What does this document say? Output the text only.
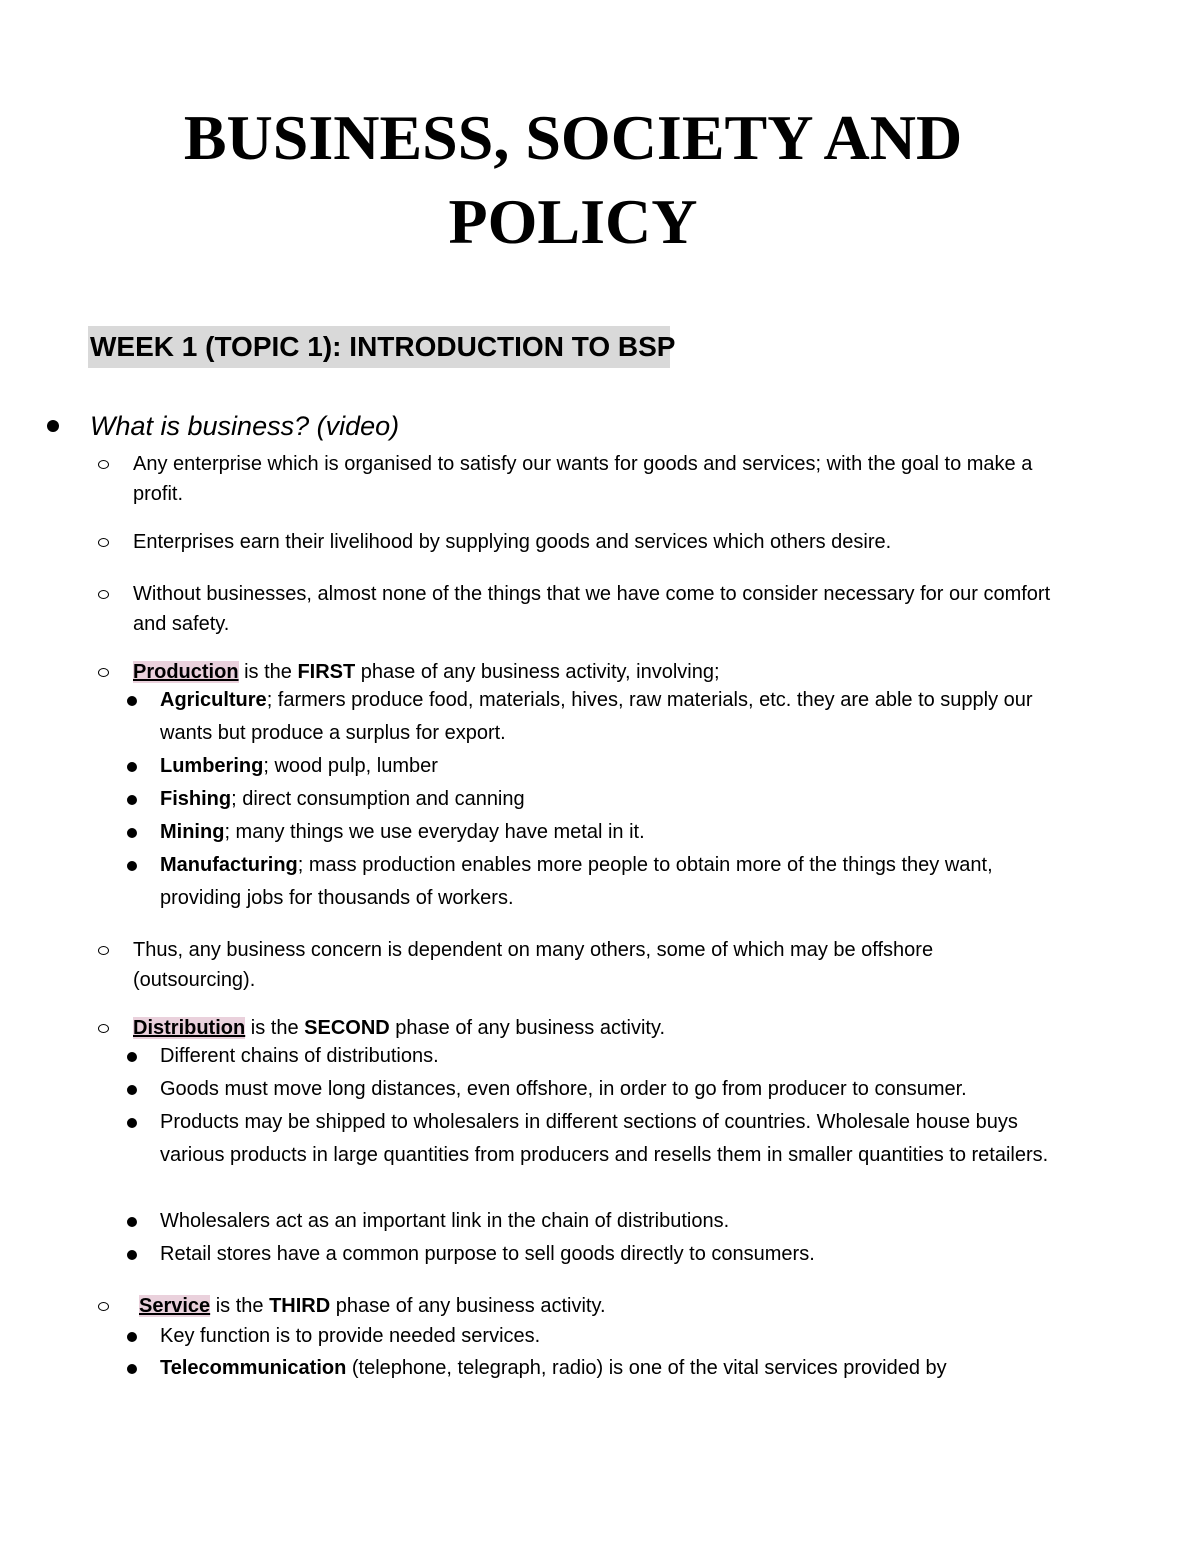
BUSINESS, SOCIETY AND
POLICY
WEEK 1 (TOPIC 1): INTRODUCTION TO BSP
What is business? (video)
Any enterprise which is organised to satisfy our wants for goods and services; with the goal to make a profit.
Enterprises earn their livelihood by supplying goods and services which others desire.
Without businesses, almost none of the things that we have come to consider necessary for our comfort and safety.
Production is the FIRST phase of any business activity, involving;
Agriculture; farmers produce food, materials, hives, raw materials, etc. they are able to supply our wants but produce a surplus for export.
Lumbering; wood pulp, lumber
Fishing; direct consumption and canning
Mining; many things we use everyday have metal in it.
Manufacturing; mass production enables more people to obtain more of the things they want, providing jobs for thousands of workers.
Thus, any business concern is dependent on many others, some of which may be offshore (outsourcing).
Distribution is the SECOND phase of any business activity.
Different chains of distributions.
Goods must move long distances, even offshore, in order to go from producer to consumer.
Products may be shipped to wholesalers in different sections of countries. Wholesale house buys various products in large quantities from producers and resells them in smaller quantities to retailers.
Wholesalers act as an important link in the chain of distributions.
Retail stores have a common purpose to sell goods directly to consumers.
Service is the THIRD phase of any business activity.
Key function is to provide needed services.
Telecommunication (telephone, telegraph, radio) is one of the vital services provided by
